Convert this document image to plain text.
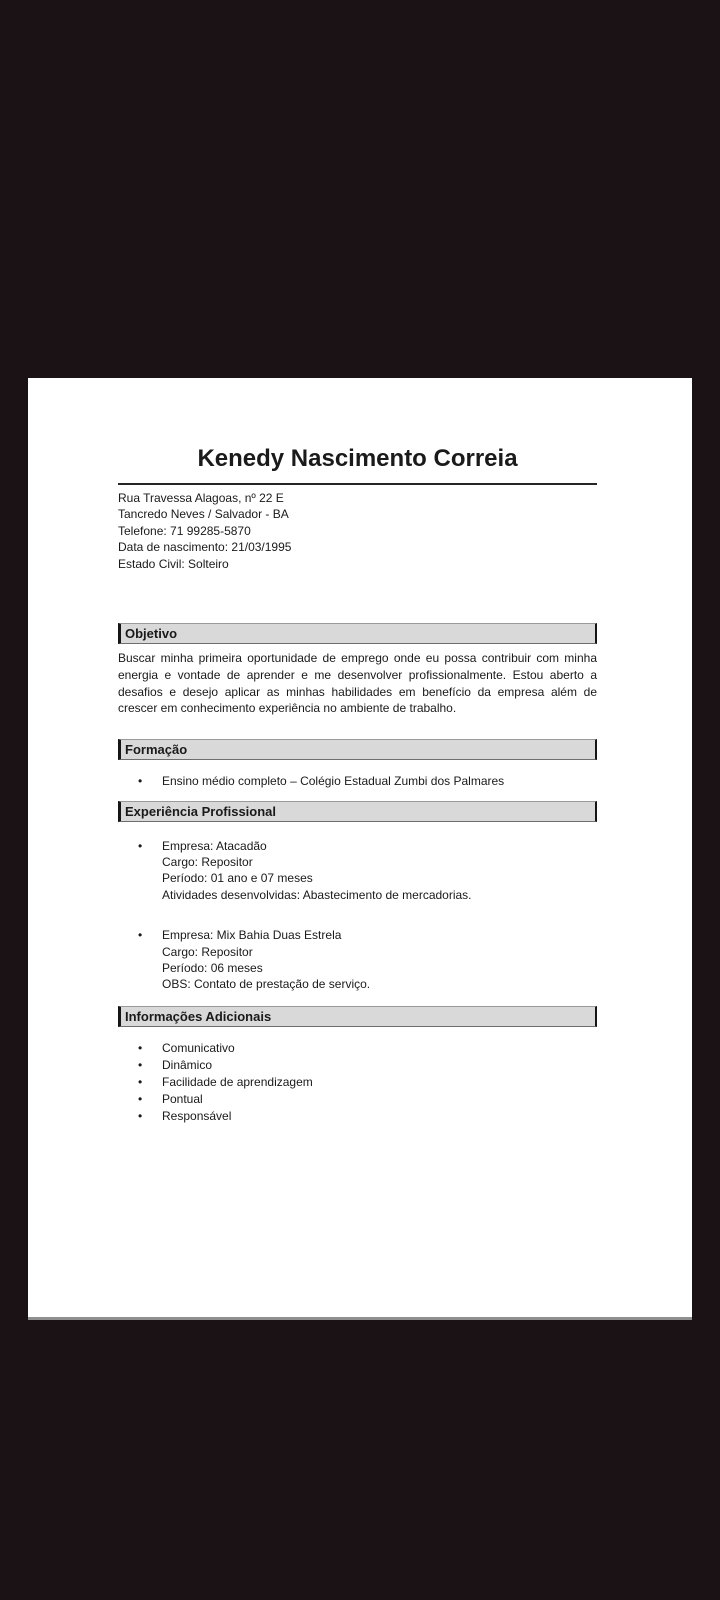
Kenedy Nascimento Correia
Rua Travessa Alagoas, nº 22 E
Tancredo Neves / Salvador - BA
Telefone: 71 99285-5870
Data de nascimento: 21/03/1995
Estado Civil: Solteiro
Objetivo

Buscar minha primeira oportunidade de emprego onde eu possa contribuir com minha energia e vontade de aprender e me desenvolver profissionalmente. Estou aberto a desafios e desejo aplicar as minhas habilidades em benefício da empresa além de crescer em conhecimento experiência no ambiente de trabalho.

Formação
•	Ensino médio completo – Colégio Estadual Zumbi dos Palmares
Experiência Profissional
•	Empresa: Atacadão
Cargo: Repositor
Período: 01 ano e 07 meses
Atividades desenvolvidas: Abastecimento de mercadorias.
•	Empresa: Mix Bahia Duas Estrela
Cargo: Repositor
Período: 06 meses
OBS: Contato de prestação de serviço.
Informações Adicionais
•	Comunicativo
•	Dinâmico
•	Facilidade de aprendizagem
•	Pontual
•	Responsável
